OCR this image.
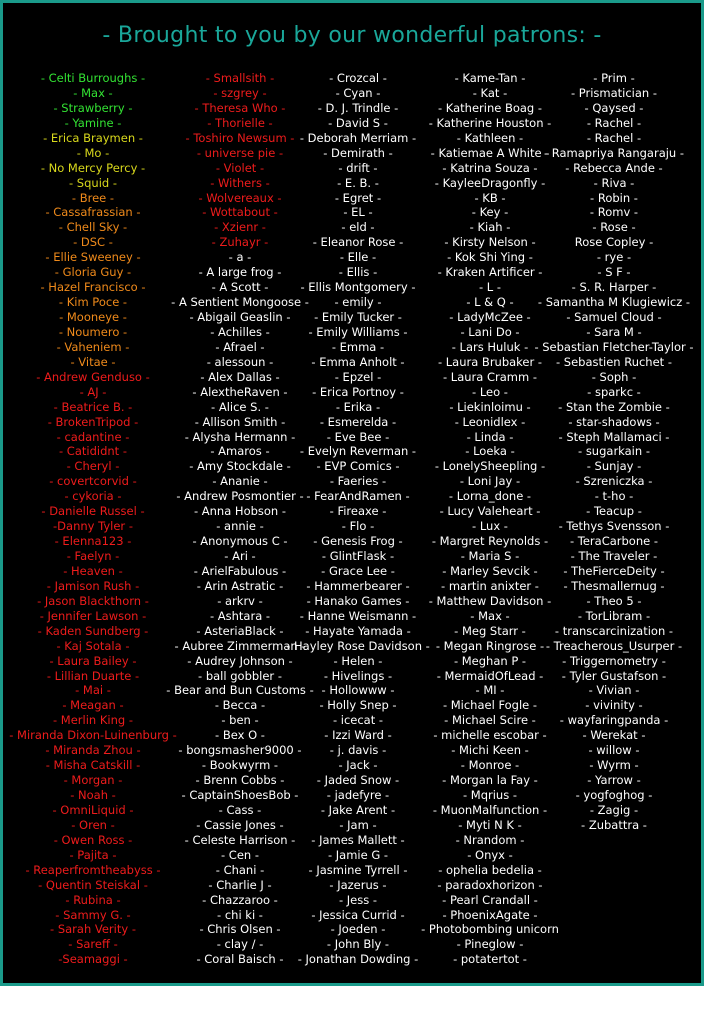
- Brought to you by our wonderful patrons: -
- Celti Burroughs -
- Max -
- Strawberry -
- Yamine -
- Erica Braymen -
- Mo -
- No Mercy Percy -
- Squid -
- Bree -
- Cassafrassian -
- Chell Sky -
- DSC -
- Ellie Sweeney -
- Gloria Guy -
- Hazel Francisco -
- Kim Poce -
- Mooneye -
- Noumero -
- Vaheniem -
- Vitae -
- Andrew Genduso -
- AJ -
- Beatrice B. -
- BrokenTripod -
- cadantine -
- Catididnt -
- Cheryl -
- covertcorvid -
- cykoria -
- Danielle Russel -
-Danny Tyler -
- Elenna123 -
- Faelyn -
- Heaven -
- Jamison Rush -
- Jason Blackthorn -
- Jennifer Lawson -
- Kaden Sundberg -
- Kaj Sotala -
- Laura Bailey -
- Lillian Duarte -
- Mai -
- Meagan -
- Merlin King -
- Miranda Dixon-Luinenburg -
- Miranda Zhou -
- Misha Catskill -
- Morgan -
- Noah -
- OmniLiquid -
- Oren -
- Owen Ross -
- Pajita -
- Reaperfromtheabyss -
- Quentin Steiskal -
- Rubina -
- Sammy G. -
- Sarah Verity -
- Sareff -
-Seamaggi -
- Smallsith -
- szgrey -
- Theresa Who -
- Thorielle -
- Toshiro Newsum -
- universe pie -
- Violet -
- Withers -
- Wolvereaux -
- Wottabout -
- Xzienr -
- Zuhayr -
- a -
- A large frog -
- A Scott -
- A Sentient Mongoose -
- Abigail Geaslin -
- Achilles -
- Afrael -
- alessoun -
- Alex Dallas -
- AlextheRaven -
- Alice S. -
- Allison Smith -
- Alysha Hermann -
- Amaros -
- Amy Stockdale -
- Ananie -
- Andrew Posmontier -
- Anna Hobson -
- annie -
- Anonymous C -
- Ari -
- ArielFabulous -
- Arin Astratic -
- arkrv -
- Ashtara -
- AsteriaBlack -
- Aubree Zimmerman -
- Audrey Johnson -
- ball gobbler -
- Bear and Bun Customs -
- Becca -
- ben -
- Bex O -
- bongsmasher9000 -
- Bookwyrm -
- Brenn Cobbs -
- CaptainShoesBob -
- Cass -
- Cassie Jones -
- Celeste Harrison -
- Cen -
- Chani -
- Charlie J -
- Chazzaroo -
- chi ki -
- Chris Olsen -
- clay / -
- Coral Baisch -
- Crozcal -
- Cyan -
- D. J. Trindle -
- David S -
- Deborah Merriam -
- Demirath -
- drift -
- E. B. -
- Egret -
- EL -
- eld -
- Eleanor Rose -
- Elle -
- Ellis -
- Ellis Montgomery -
- emily -
- Emily Tucker -
- Emily Williams -
- Emma -
- Emma Anholt -
- Epzel -
- Erica Portnoy -
- Erika -
- Esmerelda -
- Eve Bee -
- Evelyn Reverman -
- EVP Comics -
- Faeries -
- FearAndRamen -
- Fireaxe -
- Flo -
- Genesis Frog -
- GlintFlask -
- Grace Lee -
- Hammerbearer -
- Hanako Games -
- Hanne Weismann -
- Hayate Yamada -
- Hayley Rose Davidson -
- Helen -
- Hivelings -
- Hollowww -
- Holly Snep -
- icecat -
- Izzi Ward -
- j. davis -
- Jack -
- Jaded Snow -
- jadefyre -
- Jake Arent -
- Jam -
- James Mallett -
- Jamie G -
- Jasmine Tyrrell -
- Jazerus -
- Jess -
- Jessica Currid -
- Joeden -
- John Bly -
- Jonathan Dowding -
- Kame-Tan -
- Kat -
- Katherine Boag -
- Katherine Houston -
- Kathleen -
- Katiemae A White -
- Katrina Souza -
- KayleeDragonfly -
- KB -
- Key -
- Kiah -
- Kirsty Nelson -
- Kok Shi Ying -
- Kraken Artificer -
- L -
- L & Q -
- LadyMcZee -
- Lani Do -
- Lars Huluk -
- Laura Brubaker -
- Laura Cramm -
- Leo -
- Liekinloimu -
- Leonidlex -
- Linda -
- Loeka -
- LonelySheepling -
- Loni Jay -
- Lorna_done -
- Lucy Valeheart -
- Lux -
- Margret Reynolds -
- Maria S -
- Marley Sevcik -
- martin anixter -
- Matthew Davidson -
- Max -
- Meg Starr -
- Megan Ringrose -
- Meghan P -
- MermaidOfLead -
- MI -
- Michael Fogle -
- Michael Scire -
- michelle escobar -
- Michi Keen -
- Monroe -
- Morgan la Fay -
- Mqrius -
- MuonMalfunction -
- Myti N K -
- Nrandom -
- Onyx -
- ophelia bedelia -
- paradoxhorizon -
- Pearl Crandall -
- PhoenixAgate -
- Photobombing unicorn
- Pineglow -
- potatertot -
- Prim -
- Prismatician -
- Qaysed -
- Rachel -
- Rachel -
- Ramapriya Rangaraju -
- Rebecca Ande -
- Riva -
- Robin -
- Romv -
- Rose -
Rose Copley -
- rye -
- S F -
- S. R. Harper -
- Samantha M Klugiewicz -
- Samuel Cloud -
- Sara M -
- Sebastian Fletcher-Taylor -
- Sebastien Ruchet -
- Soph -
- sparkc -
- Stan the Zombie -
- star-shadows -
- Steph Mallamaci -
- sugarkain -
- Sunjay -
- Szreniczka -
- t-ho -
- Teacup -
- Tethys Svensson -
- TeraCarbone -
- The Traveler -
- TheFierceDeity -
- Thesmallernug -
- Theo 5 -
- TorLibram -
- transcarcinization -
- Treacherous_Usurper -
- Triggernometry -
- Tyler Gustafson -
- Vivian -
- vivinity -
- wayfaringpanda -
- Werekat -
- willow -
- Wyrm -
- Yarrow -
- yogfoghog -
- Zagig -
- Zubattra -
